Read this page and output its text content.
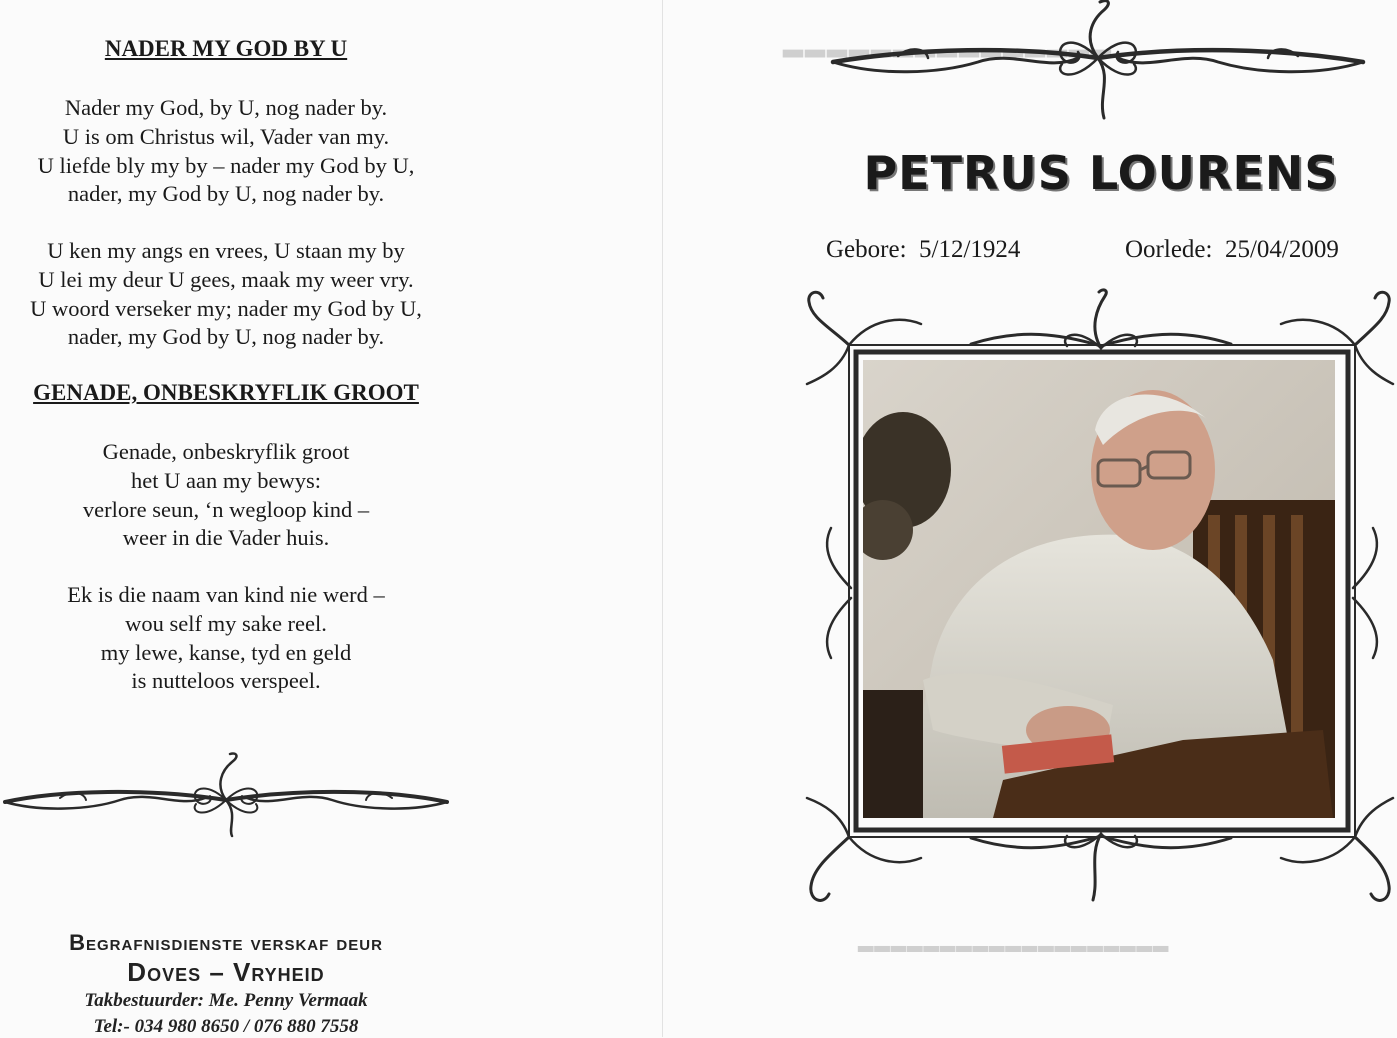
NADER MY GOD BY U
Nader my God, by U, nog nader by.
U is om Christus wil, Vader van my.
U liefde bly my by – nader my God by U,
nader, my God by U, nog nader by.
U ken my angs en vrees, U staan my by
U lei my deur U gees, maak my weer vry.
U woord verseker my; nader my God by U,
nader, my God by U, nog nader by.
GENADE, ONBESKRYFLIK GROOT
Genade, onbeskryflik groot
het U aan my bewys:
verlore seun, ‘n wegloop kind –
weer in die Vader huis.
Ek is die naam van kind nie werd –
wou self my sake reel.
my lewe, kanse, tyd en geld
is nutteloos verspeel.
Begrafnisdienste verskaf deur
Doves – Vryheid
Takbestuurder: Me. Penny Vermaak
Tel:- 034 980 8650 / 076 880 7558
▂▂▂▂▂▂▂▂▂▂▂▂▂▂▂
PETRUS LOURENS
Gebore: 5/12/1924	Oorlede: 25/04/2009
▂▂▂▂▂▂▂▂▂▂▂▂▂▂▂▂▂▂▂
